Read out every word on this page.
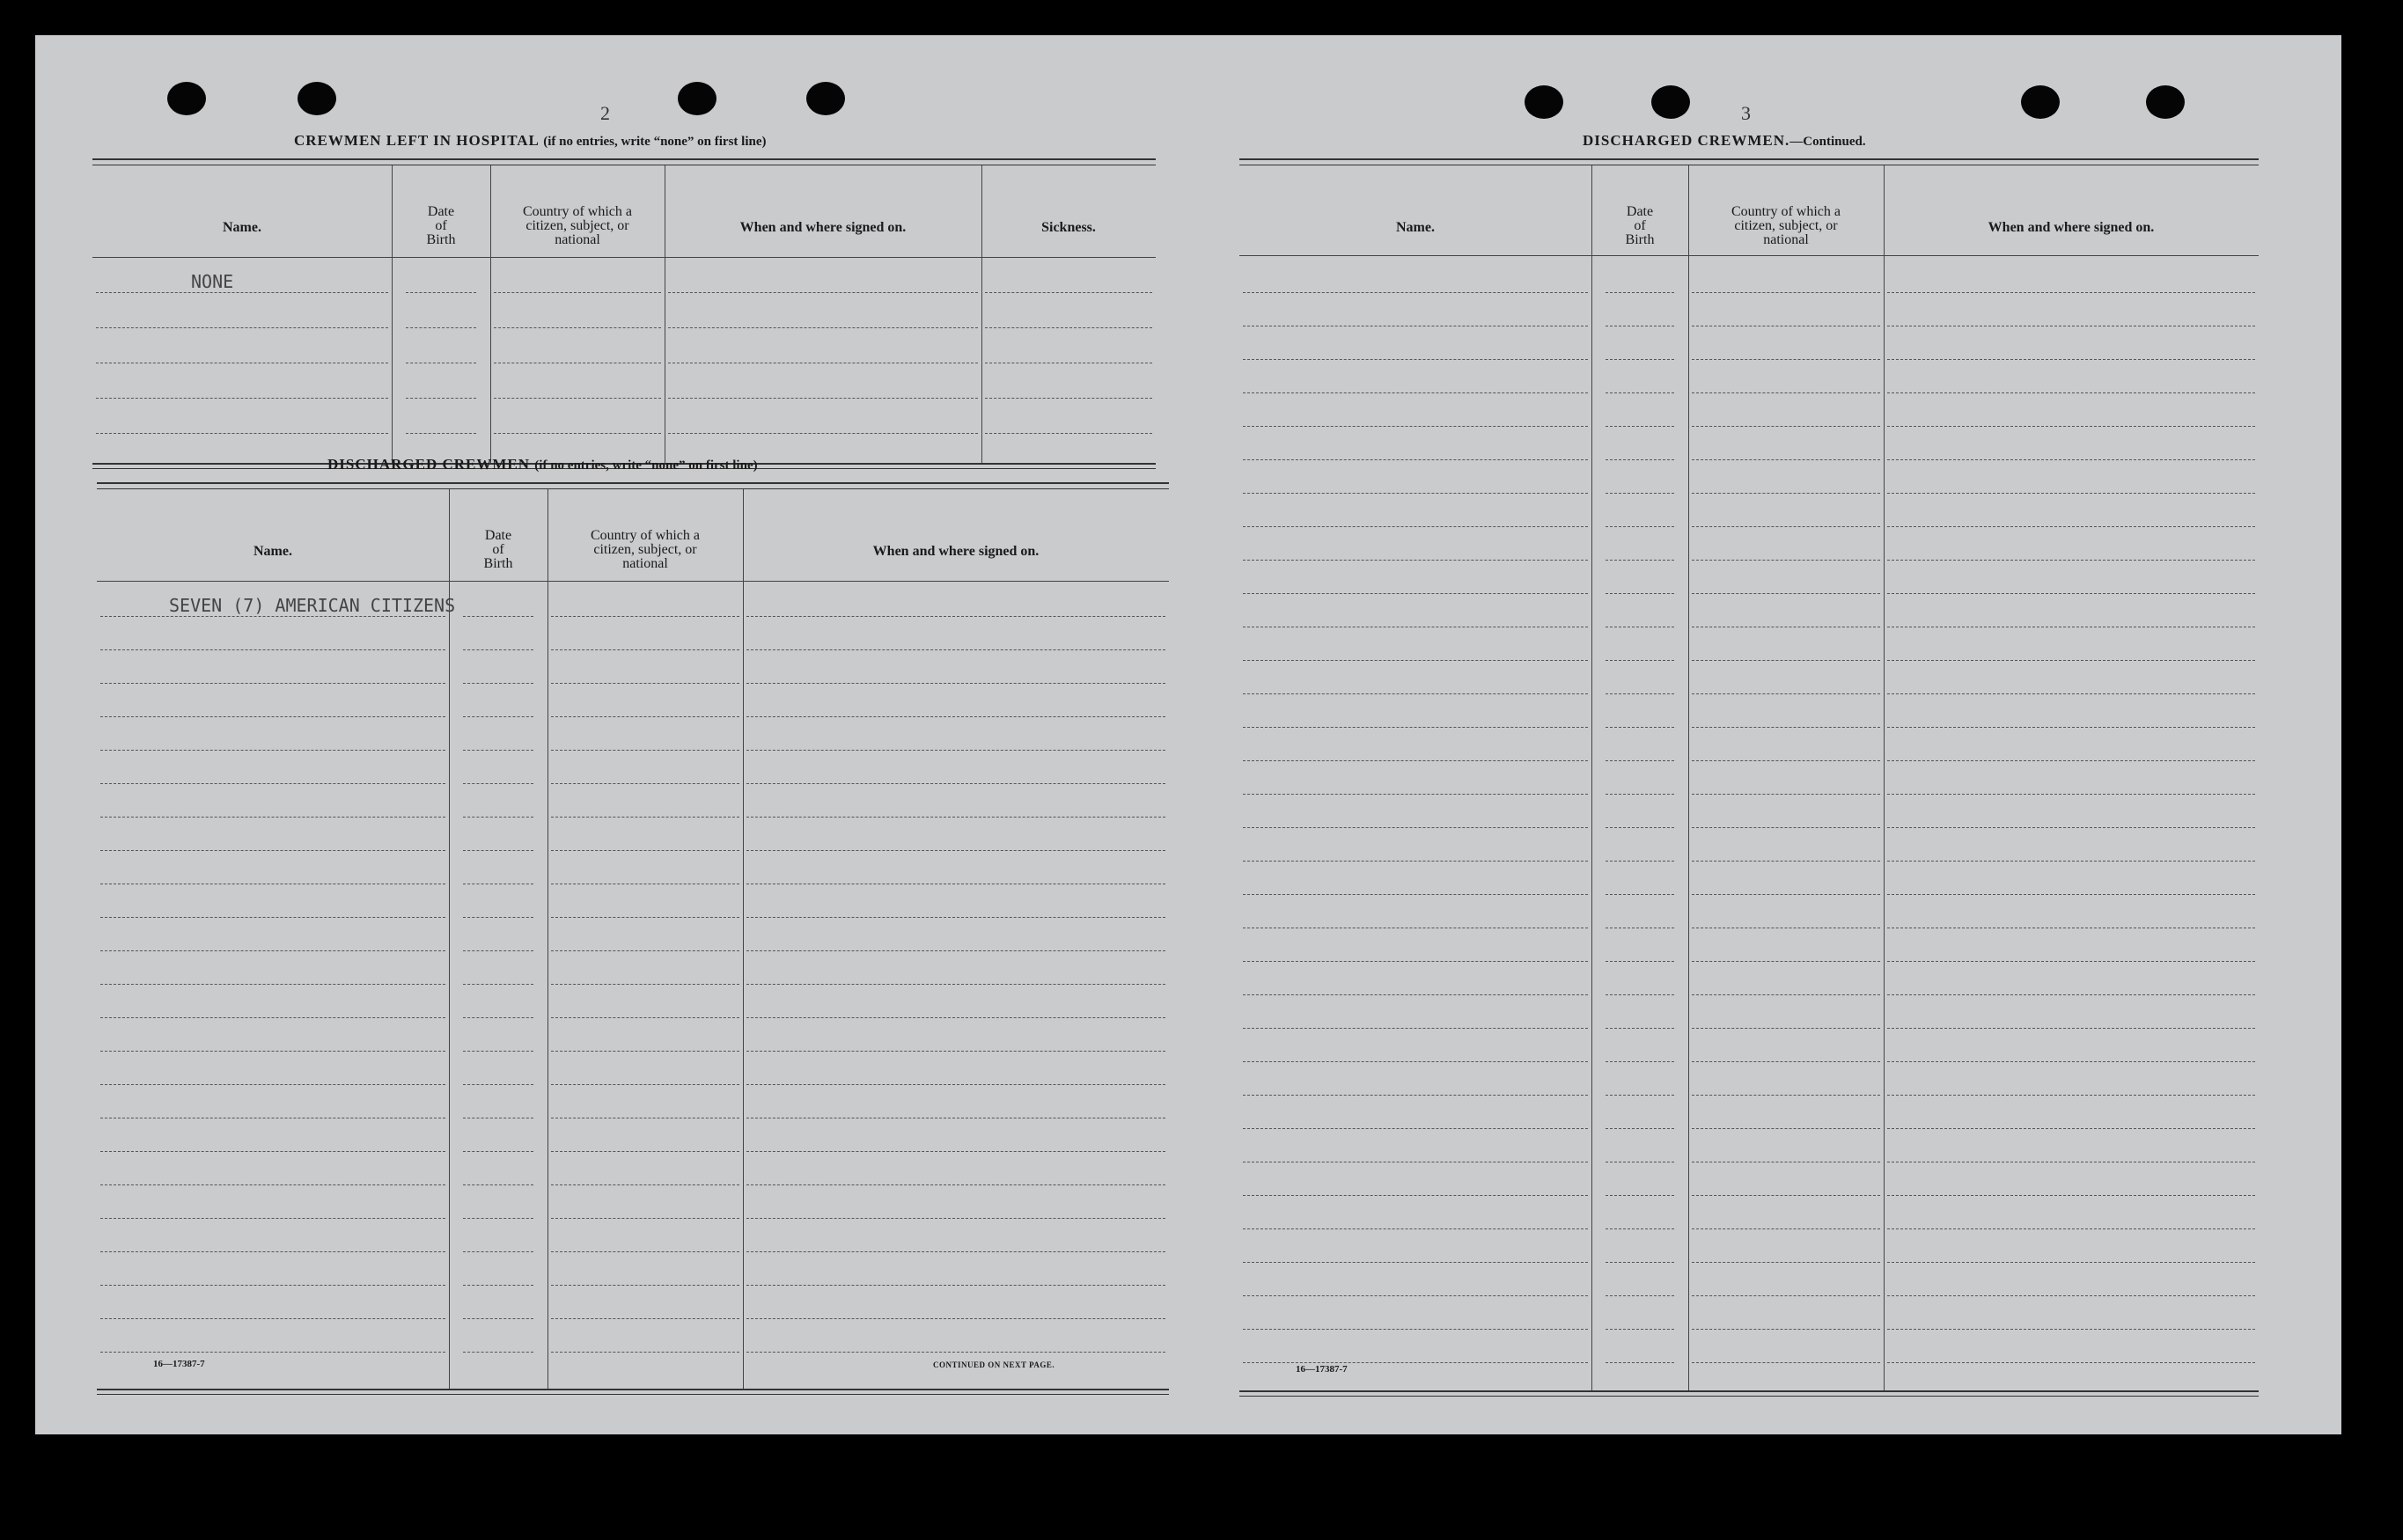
2
CREWMEN LEFT IN HOSPITAL (if no entries, write “none” on first line)
Name.
Date
of
Birth
Country of which a
citizen, subject, or
national
When and where signed on.	Sickness.
NONE
DISCHARGED CREWMEN (if no entries, write “none” on first line)
Name.
Date
of
Birth
Country of which a
citizen, subject, or
national
When and where signed on.
SEVEN (7) AMERICAN CITIZENS
16—17387-7	CONTINUED ON NEXT PAGE.
3
DISCHARGED CREWMEN.—Continued.
Name.
Date
of
Birth
Country of which a
citizen, subject, or
national
When and where signed on.
16—17387-7
